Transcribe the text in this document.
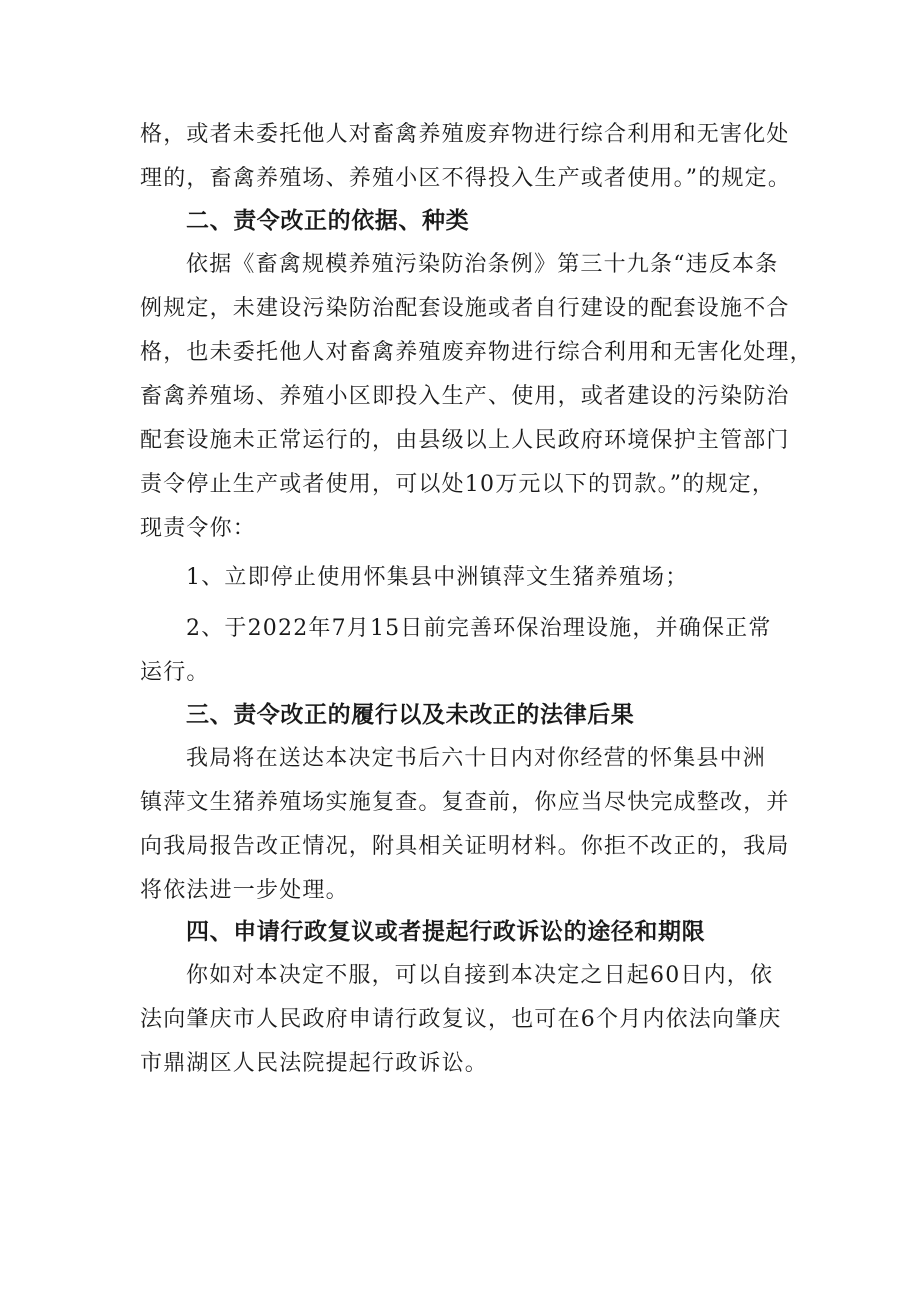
格，或者未委托他人对畜禽养殖废弃物进行综合利用和无害化处
理的，畜禽养殖场、养殖小区不得投入生产或者使用。”的规定。
二、责令改正的依据、种类
依据《畜禽规模养殖污染防治条例》第三十九条“违反本条
例规定，未建设污染防治配套设施或者自行建设的配套设施不合
格，也未委托他人对畜禽养殖废弃物进行综合利用和无害化处理，
畜禽养殖场、养殖小区即投入生产、使用，或者建设的污染防治
配套设施未正常运行的，由县级以上人民政府环境保护主管部门
责令停止生产或者使用，可以处10万元以下的罚款。”的规定，
现责令你：
1、立即停止使用怀集县中洲镇萍文生猪养殖场；
2、于2022年7月15日前完善环保治理设施，并确保正常
运行。
三、责令改正的履行以及未改正的法律后果
我局将在送达本决定书后六十日内对你经营的怀集县中洲
镇萍文生猪养殖场实施复查。复查前，你应当尽快完成整改，并
向我局报告改正情况，附具相关证明材料。你拒不改正的，我局
将依法进一步处理。
四、申请行政复议或者提起行政诉讼的途径和期限
你如对本决定不服，可以自接到本决定之日起60日内，依
法向肇庆市人民政府申请行政复议，也可在6个月内依法向肇庆
市鼎湖区人民法院提起行政诉讼。
